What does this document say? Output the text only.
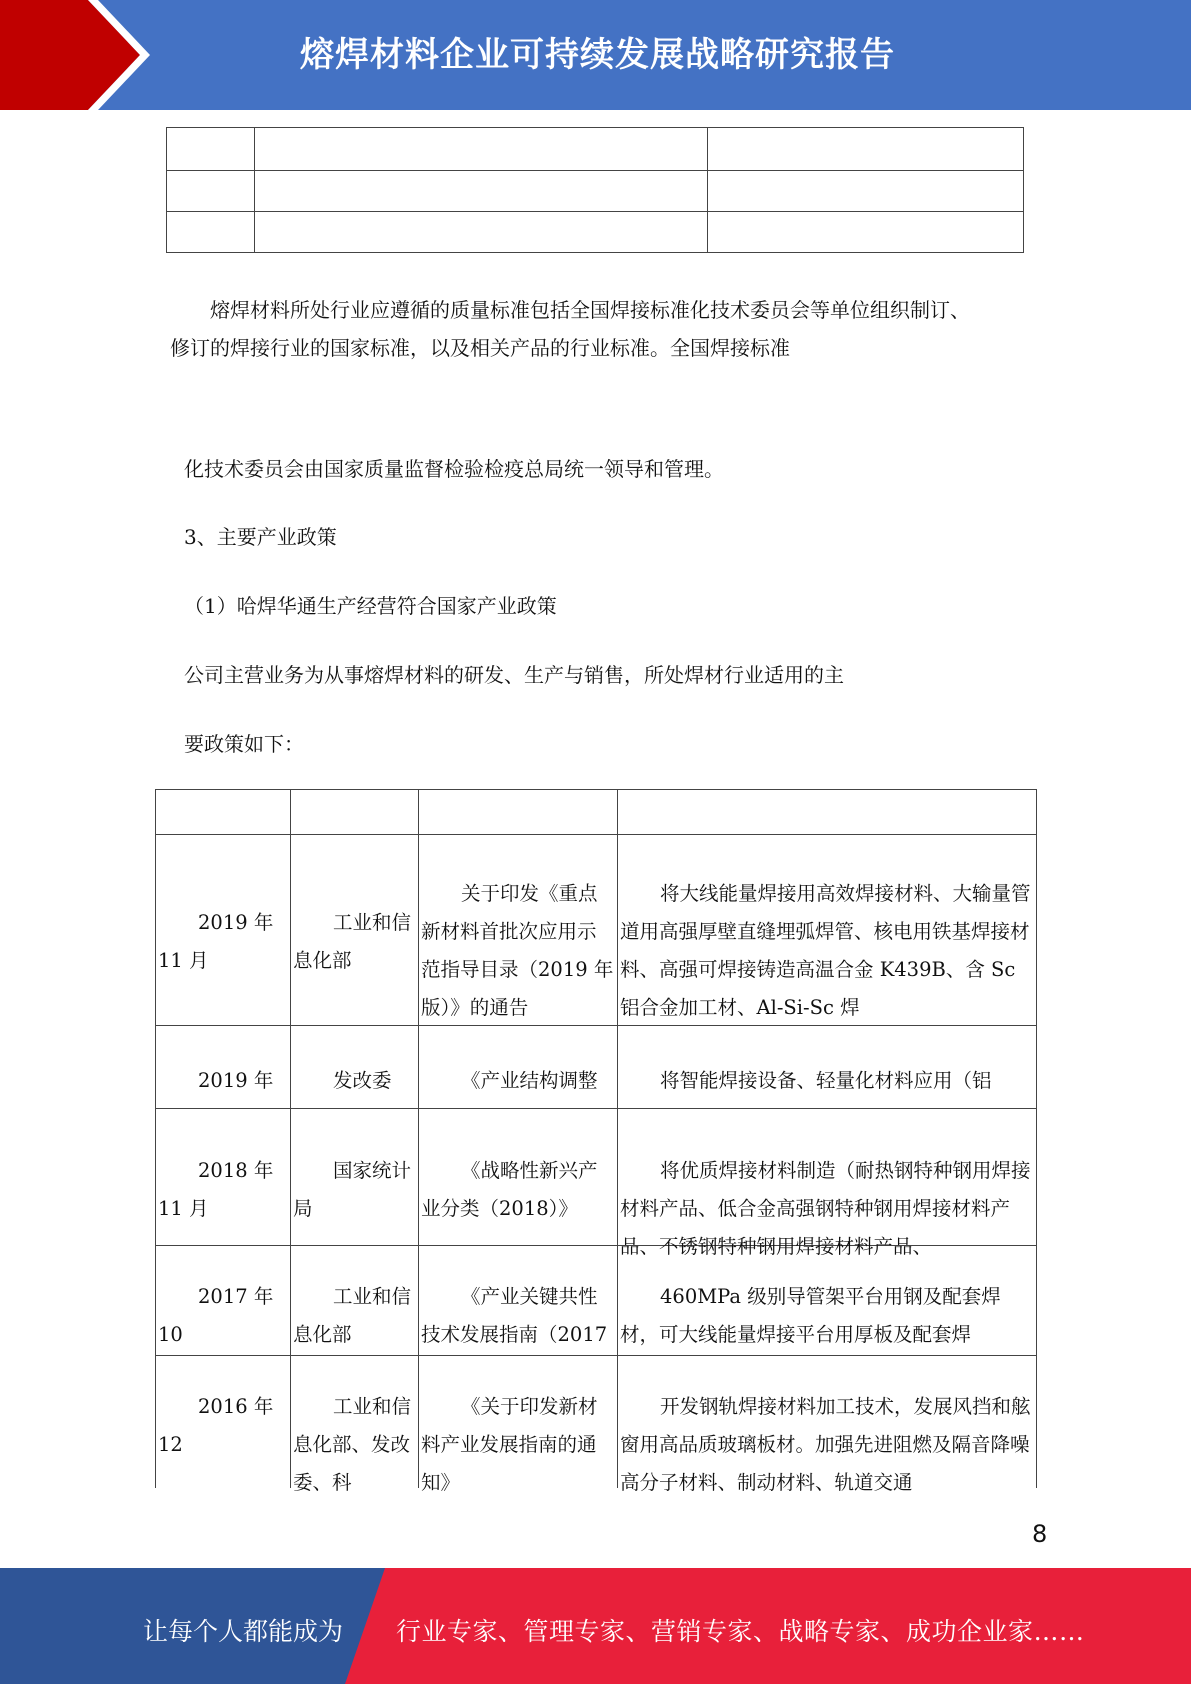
熔焊材料企业可持续发展战略研究报告

熔焊材料所处行业应遵循的质量标准包括全国焊接标准化技术委员会等单位组织制订、
修订的焊接行业的国家标准，以及相关产品的行业标准。全国焊接标准
化技术委员会由国家质量监督检验检疫总局统一领导和管理。
3、主要产业政策
（1）哈焊华通生产经营符合国家产业政策
公司主营业务为从事熔焊材料的研发、生产与销售，所处焊材行业适用的主
要政策如下：

2019 年 11 月	工业和信息化部	关于印发《重点新材料首批次应用示范指导目录（2019 年版）》的通告	将大线能量焊接用高效焊接材料、大输量管道用高强厚壁直缝埋弧焊管、核电用铁基焊接材料、高强可焊接铸造高温合金 K439B、含 Sc 铝合金加工材、Al-Si-Sc 焊

2019 年	发改委	《产业结构调整	将智能焊接设备、轻量化材料应用（铝

2018 年 11 月	国家统计局	《战略性新兴产业分类（2018）》	将优质焊接材料制造（耐热钢特种钢用焊接材料产品、低合金高强钢特种钢用焊接材料产品、不锈钢特种钢用焊接材料产品、

2017 年 10	工业和信息化部	《产业关键共性技术发展指南（2017	460MPa 级别导管架平台用钢及配套焊材，可大线能量焊接平台用厚板及配套焊

2016 年 12	工业和信息化部、发改委、科	《关于印发新材料产业发展指南的通知》	开发钢轨焊接材料加工技术，发展风挡和舷窗用高品质玻璃板材。加强先进阻燃及隔音降噪高分子材料、制动材料、轨道交通
8
让每个人都能成为 行业专家、管理专家、营销专家、战略专家、成功企业家……
